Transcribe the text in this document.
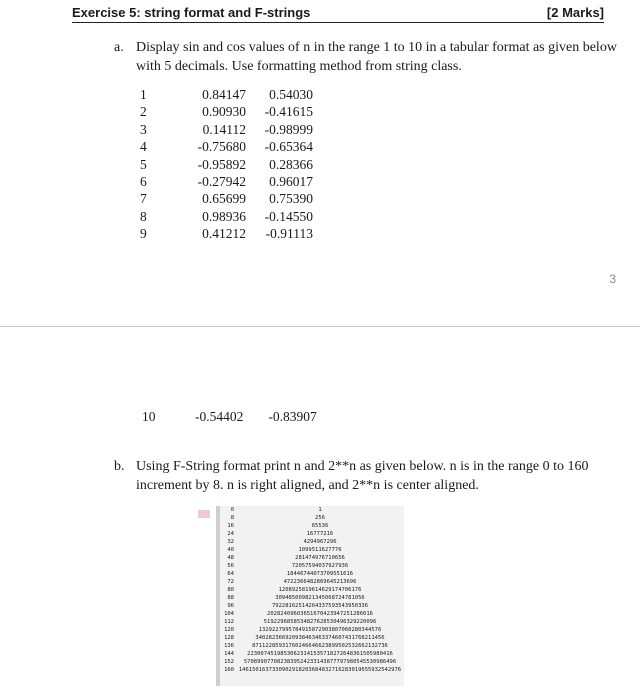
Exercise 5: string format and F-strings	[2 Marks]
a. Display sin and cos values of n in the range 1 to 10 in a tabular format as given below
with 5 decimals. Use formatting method from string class.
1	0.84147	0.54030
2	0.90930	-0.41615
3	0.14112	-0.98999
4	-0.75680	-0.65364
5	-0.95892	0.28366
6	-0.27942	0.96017
7	0.65699	0.75390
8	0.98936	-0.14550
9	0.41212	-0.91113
3
10	-0.54402 -0.83907
b. Using F-String format print n and 2**n as given below. n is in the range 0 to 160
increment by 8. n is right aligned, and 2**n is center aligned.
0	1
8	256
16	65536
24	16777216
32	4294967296
40	1099511627776
48	281474976710656
56	72057594037927936
64	18446744073709551616
72	4722366482869645213696
80	1208925819614629174706176
88	309485009821345068724781056
96	79228162514264337593543950336
104	20282409603651670423947251286016
112	5192296858534827628530496329220096
120	1329227995784915872903807060280344576
128	340282366920938463463374607431768211456
136	87112285931760246646623899502532662132736
144	22300745198530623141535718272648361505980416
152	5708990770823839524233143877797980545530986496
160 1461501637330902918203684832716283019655932542976
